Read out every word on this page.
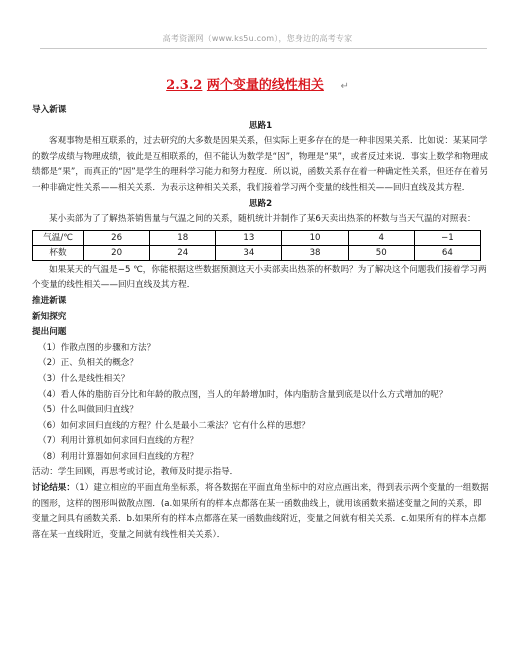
高考资源网（www.ks5u.com），您身边的高考专家
2.3.2 两个变量的线性相关 ↵

导入新课

思路1

客观事物是相互联系的，过去研究的大多数是因果关系，但实际上更多存在的是一种非因果关系．比如说：某某同学的数学成绩与物理成绩，彼此是互相联系的，但不能认为数学是“因”，物理是“果”，或者反过来说．事实上数学和物理成绩都是“果”，而真正的“因”是学生的理科学习能力和努力程度．所以说，函数关系存在着一种确定性关系，但还存在着另一种非确定性关系——相关关系．为表示这种相关关系，我们接着学习两个变量的线性相关——回归直线及其方程．

思路2

某小卖部为了了解热茶销售量与气温之间的关系，随机统计并制作了某6天卖出热茶的杯数与当天气温的对照表：

气温/℃	26	18	13	10	4	−1
杯数	20	24	34	38	50	64

如果某天的气温是−5 ℃，你能根据这些数据预测这天小卖部卖出热茶的杯数吗？为了解决这个问题我们接着学习两个变量的线性相关——回归直线及其方程．

推进新课

新知探究

提出问题

（1）作散点图的步骤和方法？

（2）正、负相关的概念？

（3）什么是线性相关？

（4）看人体的脂肪百分比和年龄的散点图，当人的年龄增加时，体内脂肪含量到底是以什么方式增加的呢？

（5）什么叫做回归直线？

（6）如何求回归直线的方程？什么是最小二乘法？它有什么样的思想？

（7）利用计算机如何求回归直线的方程？

（8）利用计算器如何求回归直线的方程？

活动：学生回顾，再思考或讨论，教师及时提示指导．

讨论结果：（1）建立相应的平面直角坐标系，将各数据在平面直角坐标中的对应点画出来，得到表示两个变量的一组数据的图形，这样的图形叫做散点图．(a.如果所有的样本点都落在某一函数曲线上，就用该函数来描述变量之间的关系，即变量之间具有函数关系．b.如果所有的样本点都落在某一函数曲线附近，变量之间就有相关关系．c.如果所有的样本点都落在某一直线附近，变量之间就有线性相关关系）．
